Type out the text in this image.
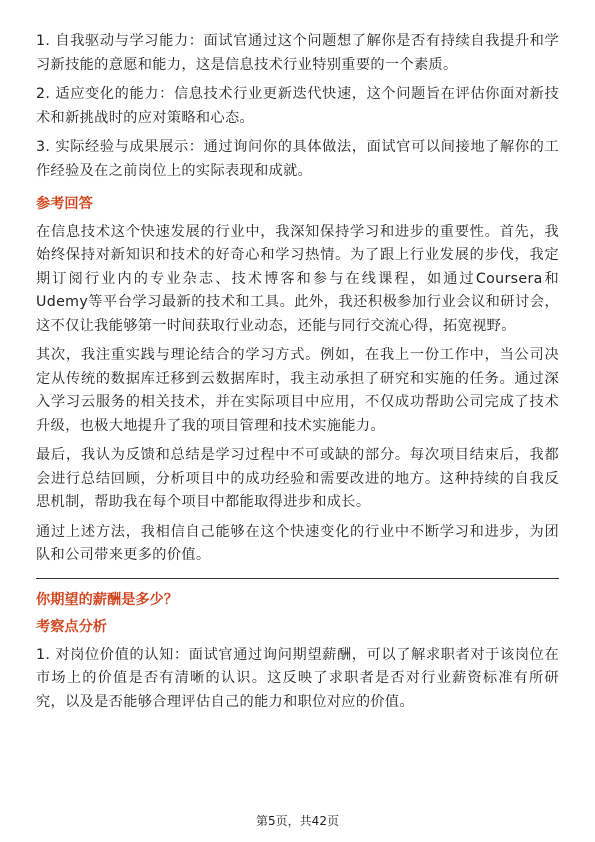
1. 自我驱动与学习能力：面试官通过这个问题想了解你是否有持续自我提升和学习新技能的意愿和能力，这是信息技术行业特别重要的一个素质。

2. 适应变化的能力：信息技术行业更新迭代快速，这个问题旨在评估你面对新技术和新挑战时的应对策略和心态。

3. 实际经验与成果展示：通过询问你的具体做法，面试官可以间接地了解你的工作经验及在之前岗位上的实际表现和成就。

参考回答

在信息技术这个快速发展的行业中，我深知保持学习和进步的重要性。首先，我始终保持对新知识和技术的好奇心和学习热情。为了跟上行业发展的步伐，我定期订阅行业内的专业杂志、技术博客和参与在线课程，如通过Coursera和Udemy等平台学习最新的技术和工具。此外，我还积极参加行业会议和研讨会，这不仅让我能够第一时间获取行业动态，还能与同行交流心得，拓宽视野。

其次，我注重实践与理论结合的学习方式。例如，在我上一份工作中，当公司决定从传统的数据库迁移到云数据库时，我主动承担了研究和实施的任务。通过深入学习云服务的相关技术，并在实际项目中应用，不仅成功帮助公司完成了技术升级，也极大地提升了我的项目管理和技术实施能力。

最后，我认为反馈和总结是学习过程中不可或缺的部分。每次项目结束后，我都会进行总结回顾，分析项目中的成功经验和需要改进的地方。这种持续的自我反思机制，帮助我在每个项目中都能取得进步和成长。

通过上述方法，我相信自己能够在这个快速变化的行业中不断学习和进步，为团队和公司带来更多的价值。

你期望的薪酬是多少？

考察点分析

1. 对岗位价值的认知：面试官通过询问期望薪酬，可以了解求职者对于该岗位在市场上的价值是否有清晰的认识。这反映了求职者是否对行业薪资标准有所研究，以及是否能够合理评估自己的能力和职位对应的价值。

第5页，共42页
